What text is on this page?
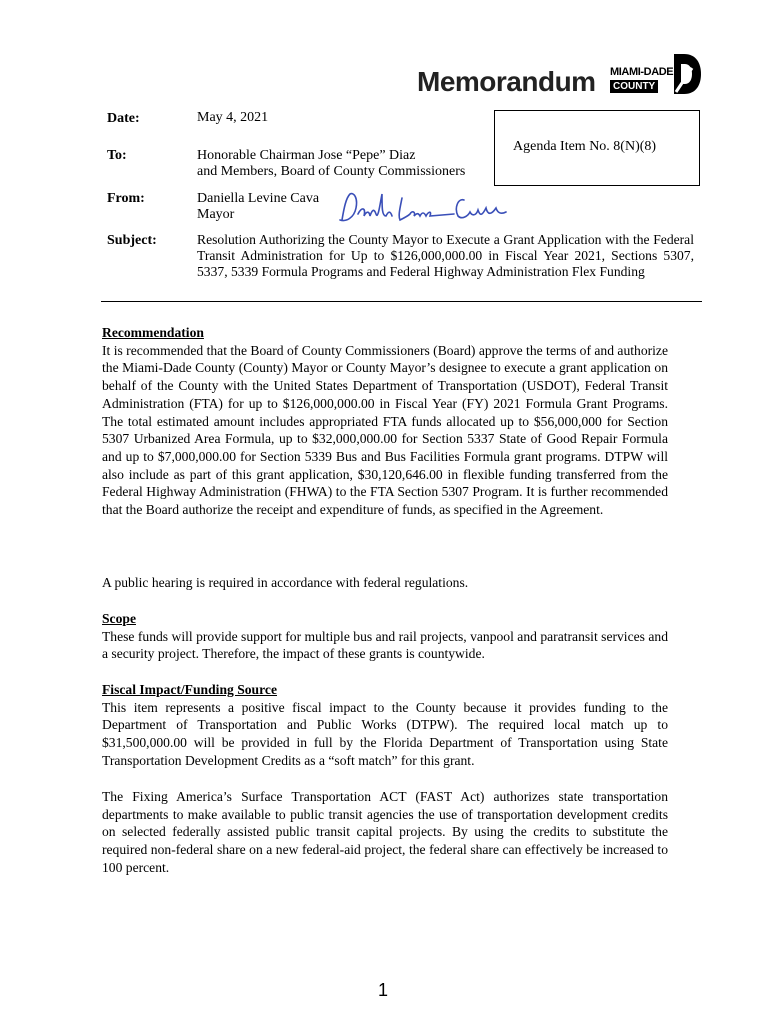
Memorandum MIAMI-DADE
COUNTY
Date:	May 4, 2021
To:	Honorable Chairman Jose “Pepe” Diaz
and Members, Board of County Commissioners
Agenda Item No. 8(N)(8)
From:	Daniella Levine Cava
Mayor
Subject:	Resolution Authorizing the County Mayor to Execute a Grant Application with the Federal Transit Administration for Up to $126,000,000.00 in Fiscal Year 2021, Sections 5307, 5337, 5339 Formula Programs and Federal Highway Administration Flex Funding
Recommendation
It is recommended that the Board of County Commissioners (Board) approve the terms of and authorize the Miami-Dade County (County) Mayor or County Mayor’s designee to execute a grant application on behalf of the County with the United States Department of Transportation (USDOT), Federal Transit Administration (FTA) for up to $126,000,000.00 in Fiscal Year (FY) 2021 Formula Grant Programs. The total estimated amount includes appropriated FTA funds allocated up to $56,000,000 for Section 5307 Urbanized Area Formula, up to $32,000,000.00 for Section 5337 State of Good Repair Formula and up to $7,000,000.00 for Section 5339 Bus and Bus Facilities Formula grant programs. DTPW will also include as part of this grant application, $30,120,646.00 in flexible funding transferred from the Federal Highway Administration (FHWA) to the FTA Section 5307 Program. It is further recommended that the Board authorize the receipt and expenditure of funds, as specified in the Agreement.
A public hearing is required in accordance with federal regulations.
Scope
These funds will provide support for multiple bus and rail projects, vanpool and paratransit services and a security project. Therefore, the impact of these grants is countywide.
Fiscal Impact/Funding Source
This item represents a positive fiscal impact to the County because it provides funding to the Department of Transportation and Public Works (DTPW). The required local match up to $31,500,000.00 will be provided in full by the Florida Department of Transportation using State Transportation Development Credits as a “soft match” for this grant.
The Fixing America’s Surface Transportation ACT (FAST Act) authorizes state transportation departments to make available to public transit agencies the use of transportation development credits on selected federally assisted public transit capital projects. By using the credits to substitute the required non-federal share on a new federal-aid project, the federal share can effectively be increased to 100 percent.
1
